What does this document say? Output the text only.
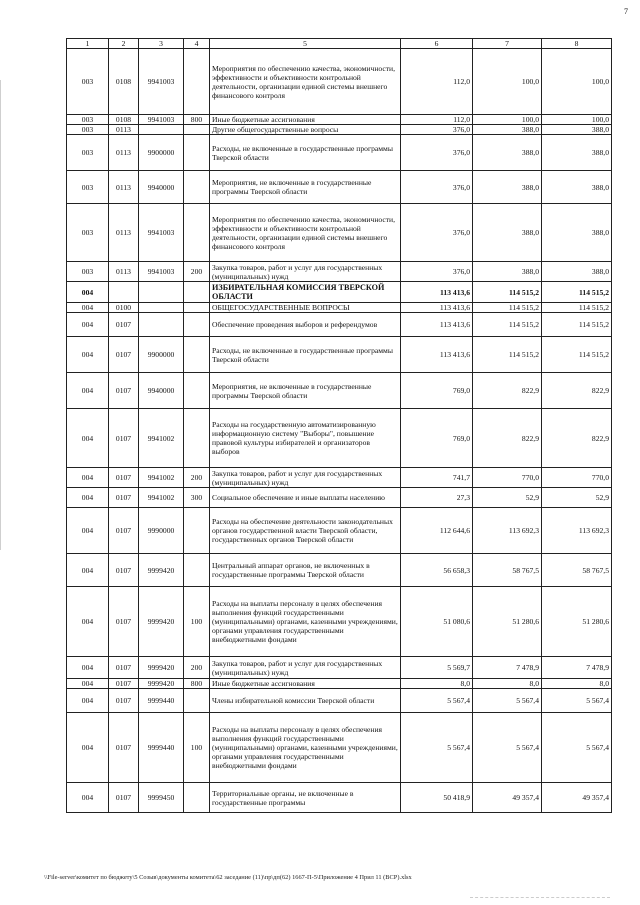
7
1	2	3	4	5	6	7	8
003	0108	9941003		Мероприятия по обеспечению качества, экономичности, эффективности и объективности контрольной деятельности, организации единой системы внешнего финансового контроля	112,0	100,0	100,0
003	0108	9941003	800	Иные бюджетные ассигнования	112,0	100,0	100,0
003	0113			Другие общегосударственные вопросы	376,0	388,0	388,0
003	0113	9900000		Расходы, не включенные в государственные программы Тверской области	376,0	388,0	388,0
003	0113	9940000		Мероприятия, не включенные в государственные программы Тверской области	376,0	388,0	388,0
003	0113	9941003		Мероприятия по обеспечению качества, экономичности, эффективности и объективности контрольной деятельности, организации единой системы внешнего финансового контроля	376,0	388,0	388,0
003	0113	9941003	200	Закупка товаров, работ и услуг для государственных (муниципальных) нужд	376,0	388,0	388,0
004				ИЗБИРАТЕЛЬНАЯ КОМИССИЯ ТВЕРСКОЙ ОБЛАСТИ	113 413,6	114 515,2	114 515,2
004	0100			ОБЩЕГОСУДАРСТВЕННЫЕ ВОПРОСЫ	113 413,6	114 515,2	114 515,2
004	0107			Обеспечение проведения выборов и референдумов	113 413,6	114 515,2	114 515,2
004	0107	9900000		Расходы, не включенные в государственные программы Тверской области	113 413,6	114 515,2	114 515,2
004	0107	9940000		Мероприятия, не включенные в государственные программы Тверской области	769,0	822,9	822,9
004	0107	9941002		Расходы на государственную автоматизированную информационную систему "Выборы", повышение правовой культуры избирателей и организаторов выборов	769,0	822,9	822,9
004	0107	9941002	200	Закупка товаров, работ и услуг для государственных (муниципальных) нужд	741,7	770,0	770,0
004	0107	9941002	300	Социальное обеспечение и иные выплаты населению	27,3	52,9	52,9
004	0107	9990000		Расходы на обеспечение деятельности законодательных органов государственной власти Тверской области, государственных органов Тверской области	112 644,6	113 692,3	113 692,3
004	0107	9999420		Центральный аппарат органов, не включенных в государственные программы Тверской области	56 658,3	58 767,5	58 767,5
004	0107	9999420	100	Расходы на выплаты персоналу в целях обеспечения выполнения функций государственными (муниципальными) органами, казенными учреждениями, органами управления государственными внебюджетными фондами	51 080,6	51 280,6	51 280,6
004	0107	9999420	200	Закупка товаров, работ и услуг для государственных (муниципальных) нужд	5 569,7	7 478,9	7 478,9
004	0107	9999420	800	Иные бюджетные ассигнования	8,0	8,0	8,0
004	0107	9999440		Члены избирательной комиссии Тверской области	5 567,4	5 567,4	5 567,4
004	0107	9999440	100	Расходы на выплаты персоналу в целях обеспечения выполнения функций государственными (муниципальными) органами, казенными учреждениями, органами управления государственными внебюджетными фондами	5 567,4	5 567,4	5 567,4
004	0107	9999450		Территориальные органы, не включенные в государственные программы	50 418,9	49 357,4	49 357,4
\\File-server\комитет по бюджету\5 Созыв\документы комитета\62 заседание (11)\пр\дп(62) 1667-П-5\Приложение 4 Прил 11 (ВСР).xlsx
